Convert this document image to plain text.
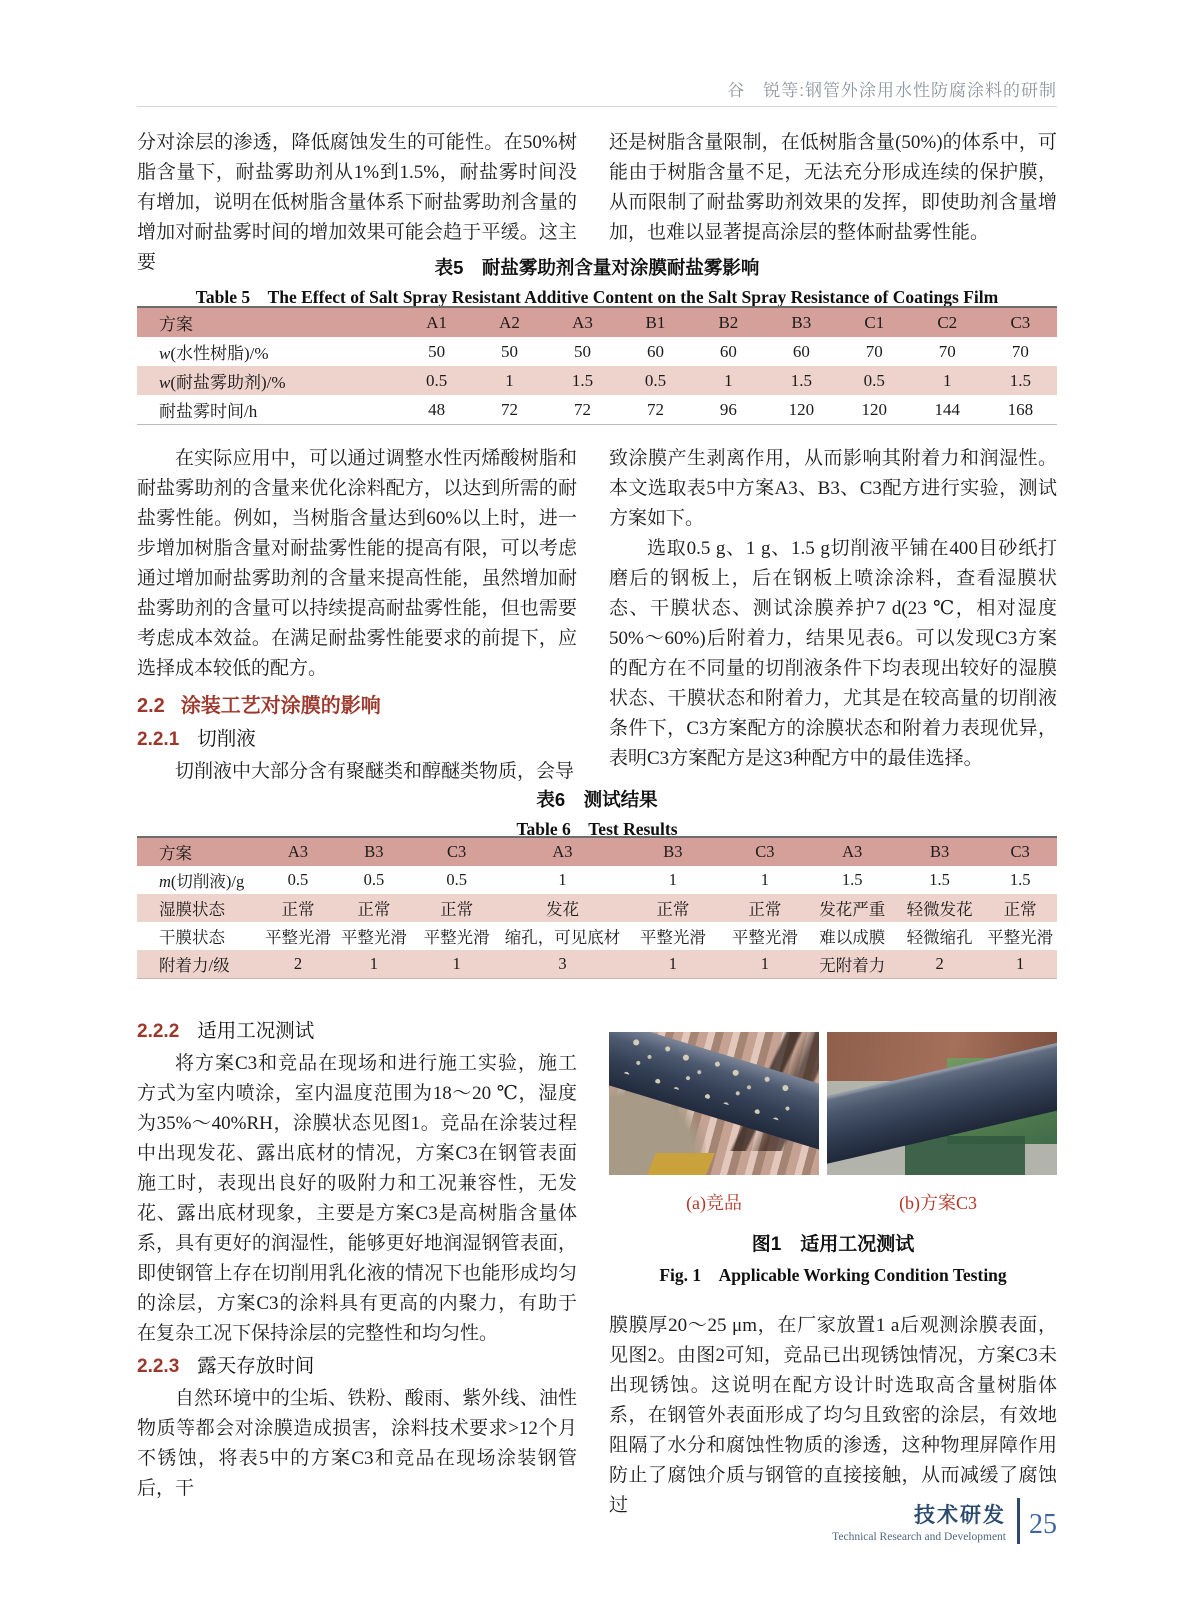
谷　锐等:钢管外涂用水性防腐涂料的研制

分对涂层的渗透，降低腐蚀发生的可能性。在50%树脂含量下，耐盐雾助剂从1%到1.5%，耐盐雾时间没有增加，说明在低树脂含量体系下耐盐雾助剂含量的增加对耐盐雾时间的增加效果可能会趋于平缓。这主要

还是树脂含量限制，在低树脂含量(50%)的体系中，可能由于树脂含量不足，无法充分形成连续的保护膜，从而限制了耐盐雾助剂效果的发挥，即使助剂含量增加，也难以显著提高涂层的整体耐盐雾性能。

表5　耐盐雾助剂含量对涂膜耐盐雾影响
Table 5　The Effect of Salt Spray Resistant Additive Content on the Salt Spray Resistance of Coatings Film
方案	A1	A2	A3	B1	B2	B3	C1	C2	C3
w(水性树脂)/%	50	50	50	60	60	60	70	70	70
w(耐盐雾助剂)/%	0.5	1	1.5	0.5	1	1.5	0.5	1	1.5
耐盐雾时间/h	48	72	72	72	96	120	120	144	168

在实际应用中，可以通过调整水性丙烯酸树脂和耐盐雾助剂的含量来优化涂料配方，以达到所需的耐盐雾性能。例如，当树脂含量达到60%以上时，进一步增加树脂含量对耐盐雾性能的提高有限，可以考虑通过增加耐盐雾助剂的含量来提高性能，虽然增加耐盐雾助剂的含量可以持续提高耐盐雾性能，但也需要考虑成本效益。在满足耐盐雾性能要求的前提下，应选择成本较低的配方。

2.2 涂装工艺对涂膜的影响
2.2.1 切削液

切削液中大部分含有聚醚类和醇醚类物质，会导

致涂膜产生剥离作用，从而影响其附着力和润湿性。本文选取表5中方案A3、B3、C3配方进行实验，测试方案如下。

选取0.5 g、1 g、1.5 g切削液平铺在400目砂纸打磨后的钢板上，后在钢板上喷涂涂料，查看湿膜状态、干膜状态、测试涂膜养护7 d(23 ℃，相对湿度50%～60%)后附着力，结果见表6。可以发现C3方案的配方在不同量的切削液条件下均表现出较好的湿膜状态、干膜状态和附着力，尤其是在较高量的切削液条件下，C3方案配方的涂膜状态和附着力表现优异，表明C3方案配方是这3种配方中的最佳选择。

表6　测试结果
Table 6　Test Results
方案	A3	B3	C3	A3	B3	C3	A3	B3	C3
m(切削液)/g	0.5	0.5	0.5	1	1	1	1.5	1.5	1.5
湿膜状态	正常	正常	正常	发花	正常	正常	发花严重	轻微发花	正常
干膜状态	平整光滑	平整光滑	平整光滑	缩孔，可见底材	平整光滑	平整光滑	难以成膜	轻微缩孔	平整光滑
附着力/级	2	1	1	3	1	1	无附着力	2	1
2.2.2 适用工况测试

将方案C3和竞品在现场和进行施工实验，施工方式为室内喷涂，室内温度范围为18～20 ℃，湿度为35%～40%RH，涂膜状态见图1。竞品在涂装过程中出现发花、露出底材的情况，方案C3在钢管表面施工时，表现出良好的吸附力和工况兼容性，无发花、露出底材现象，主要是方案C3是高树脂含量体系，具有更好的润湿性，能够更好地润湿钢管表面，即使钢管上存在切削用乳化液的情况下也能形成均匀的涂层，方案C3的涂料具有更高的内聚力，有助于在复杂工况下保持涂层的完整性和均匀性。

2.2.3 露天存放时间

自然环境中的尘垢、铁粉、酸雨、紫外线、油性物质等都会对涂膜造成损害，涂料技术要求>12个月不锈蚀，将表5中的方案C3和竞品在现场涂装钢管后，干

(a)竞品	(b)方案C3
图1　适用工况测试
Fig. 1　Applicable Working Condition Testing

膜膜厚20～25 μm，在厂家放置1 a后观测涂膜表面，见图2。由图2可知，竞品已出现锈蚀情况，方案C3未出现锈蚀。这说明在配方设计时选取高含量树脂体系，在钢管外表面形成了均匀且致密的涂层，有效地阻隔了水分和腐蚀性物质的渗透，这种物理屏障作用防止了腐蚀介质与钢管的直接接触，从而减缓了腐蚀过	技术研发
Technical Research and Development 25
